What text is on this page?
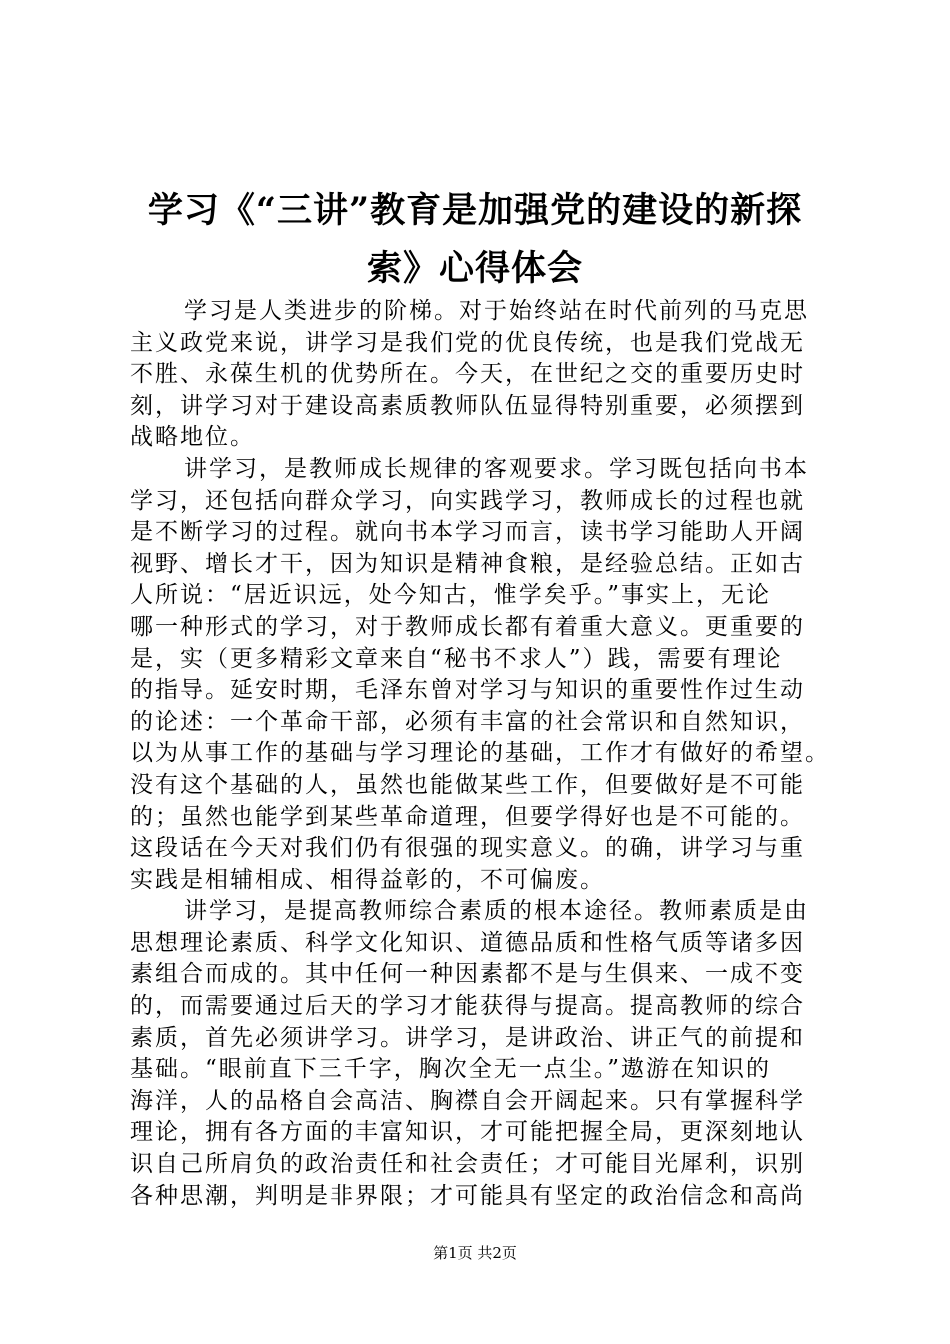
学习《“三讲”教育是加强党的建设的新探
索》心得体会

学习是人类进步的阶梯。对于始终站在时代前列的马克思
主义政党来说，讲学习是我们党的优良传统，也是我们党战无
不胜、永葆生机的优势所在。今天，在世纪之交的重要历史时
刻，讲学习对于建设高素质教师队伍显得特别重要，必须摆到
战略地位。

讲学习，是教师成长规律的客观要求。学习既包括向书本
学习，还包括向群众学习，向实践学习，教师成长的过程也就
是不断学习的过程。就向书本学习而言，读书学习能助人开阔
视野、增长才干，因为知识是精神食粮，是经验总结。正如古
人所说：“居近识远，处今知古，惟学矣乎。”事实上，无论
哪一种形式的学习，对于教师成长都有着重大意义。更重要的
是，实（更多精彩文章来自“秘书不求人”）践，需要有理论
的指导。延安时期，毛泽东曾对学习与知识的重要性作过生动
的论述：一个革命干部，必须有丰富的社会常识和自然知识，
以为从事工作的基础与学习理论的基础，工作才有做好的希望。
没有这个基础的人，虽然也能做某些工作，但要做好是不可能
的；虽然也能学到某些革命道理，但要学得好也是不可能的。
这段话在今天对我们仍有很强的现实意义。的确，讲学习与重
实践是相辅相成、相得益彰的，不可偏废。

讲学习，是提高教师综合素质的根本途径。教师素质是由
思想理论素质、科学文化知识、道德品质和性格气质等诸多因
素组合而成的。其中任何一种因素都不是与生俱来、一成不变
的，而需要通过后天的学习才能获得与提高。提高教师的综合
素质，首先必须讲学习。讲学习，是讲政治、讲正气的前提和
基础。“眼前直下三千字，胸次全无一点尘。”遨游在知识的
海洋，人的品格自会高洁、胸襟自会开阔起来。只有掌握科学
理论，拥有各方面的丰富知识，才可能把握全局，更深刻地认
识自己所肩负的政治责任和社会责任；才可能目光犀利，识别
各种思潮，判明是非界限；才可能具有坚定的政治信念和高尚

第1页 共2页
